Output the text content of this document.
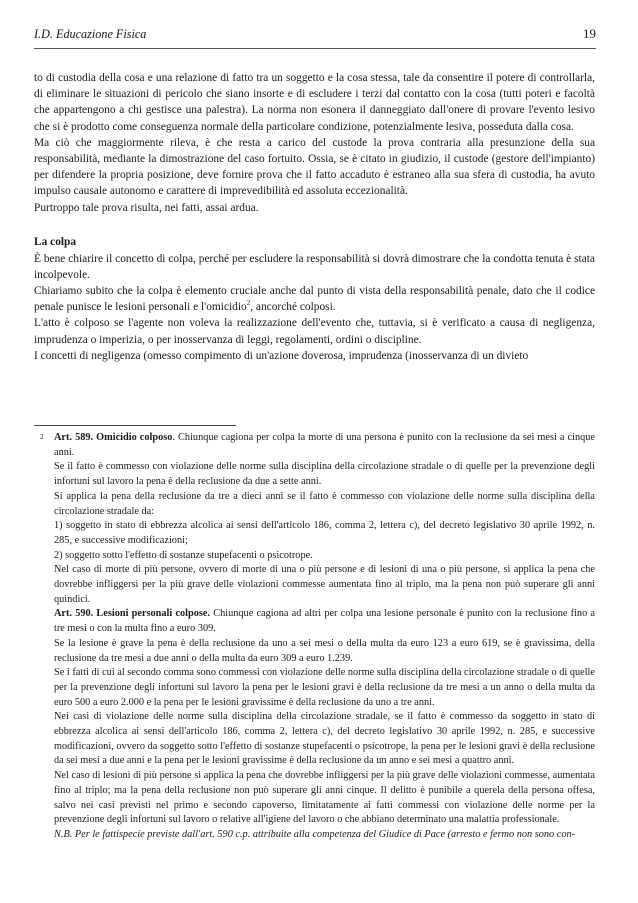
I.D. Educazione Fisica	19

to di custodia della cosa e una relazione di fatto tra un soggetto e la cosa stessa, tale da consentire il potere di controllarla, di eliminare le situazioni di pericolo che siano insorte e di escludere i terzi dal contatto con la cosa (tutti poteri e facoltà che appartengono a chi gestisce una palestra). La norma non esonera il danneggiato dall'onere di provare l'evento lesivo che si è prodotto come conseguenza normale della particolare condizione, potenzialmente lesiva, posseduta dalla cosa.

Ma ciò che maggiormente rileva, è che resta a carico del custode la prova contraria alla presunzione della sua responsabilità, mediante la dimostrazione del caso fortuito. Ossia, se è citato in giudizio, il custode (gestore dell'impianto) per difendere la propria posizione, deve fornire prova che il fatto accaduto è estraneo alla sua sfera di custodia, ha avuto impulso causale autonomo e carattere di imprevedibilità ed assoluta eccezionalità.

Purtroppo tale prova risulta, nei fatti, assai ardua.

La colpa

È bene chiarire il concetto di colpa, perché per escludere la responsabilità si dovrà dimostrare che la condotta tenuta è stata incolpevole.

Chiariamo subito che la colpa è elemento cruciale anche dal punto di vista della responsabilità penale, dato che il codice penale punisce le lesioni personali e l'omicidio$^2$, ancorché colposi.

L'atto è colposo se l'agente non voleva la realizzazione dell'evento che, tuttavia, si è verificato a causa di negligenza, imprudenza o imperizia, o per inosservanza di leggi, regolamenti, ordini o discipline.

I concetti di negligenza (omesso compimento di un'azione doverosa, imprudenza (inosservanza di un divieto

2 Art. 589. Omicidio colposo. Chiunque cagiona per colpa la morte di una persona è punito con la reclusione da sei mesi a cinque anni.

Se il fatto è commesso con violazione delle norme sulla disciplina della circolazione stradale o di quelle per la prevenzione degli infortuni sul lavoro la pena è della reclusione da due a sette anni.

Si applica la pena della reclusione da tre a dieci anni se il fatto è commesso con violazione delle norme sulla disciplina della circolazione stradale da:

1) soggetto in stato di ebbrezza alcolica ai sensi dell'articolo 186, comma 2, lettera c), del decreto legislativo 30 aprile 1992, n. 285, e successive modificazioni;

2) soggetto sotto l'effetto di sostanze stupefacenti o psicotrope.

Nel caso di morte di più persone, ovvero di morte di una o più persone e di lesioni di una o più persone, si applica la pena che dovrebbe infliggersi per la più grave delle violazioni commesse aumentata fino al triplo, ma la pena non può superare gli anni quindici.

Art. 590. Lesioni personali colpose. Chiunque cagiona ad altri per colpa una lesione personale è punito con la reclusione fino a tre mesi o con la multa fino a euro 309.

Se la lesione è grave la pena è della reclusione da uno a sei mesi o della multa da euro 123 a euro 619, se è gravissima, della reclusione da tre mesi a due anni o della multa da euro 309 a euro 1.239.

Se i fatti di cui al secondo comma sono commessi con violazione delle norme sulla disciplina della circolazione stradale o di quelle per la prevenzione degli infortuni sul lavoro la pena per le lesioni gravi è della reclusione da tre mesi a un anno o della multa da euro 500 a euro 2.000 e la pena per le lesioni gravissime è della reclusione da uno a tre anni.

Nei casi di violazione delle norme sulla disciplina della circolazione stradale, se il fatto è commesso da soggetto in stato di ebbrezza alcolica ai sensi dell'articolo 186, comma 2, lettera c), del decreto legislativo 30 aprile 1992, n. 285, e successive modificazioni, ovvero da soggetto sotto l'effetto di sostanze stupefacenti o psicotrope, la pena per le lesioni gravi è della reclusione da sei mesi a due anni e la pena per le lesioni gravissime è della reclusione da un anno e sei mesi a quattro anni.

Nel caso di lesioni di più persone si applica la pena che dovrebbe infliggersi per la più grave delle violazioni commesse, aumentata fino al triplo; ma la pena della reclusione non può superare gli anni cinque. Il delitto è punibile a querela della persona offesa, salvo nei casi previsti nel primo e secondo capoverso, limitatamente ai fatti commessi con violazione delle norme per la prevenzione degli infortuni sul lavoro o relative all'igiene del lavoro o che abbiano determinato una malattia professionale.

N.B. Per le fattispecie previste dall'art. 590 c.p. attribuite alla competenza del Giudice di Pace (arresto e fermo non sono con-
